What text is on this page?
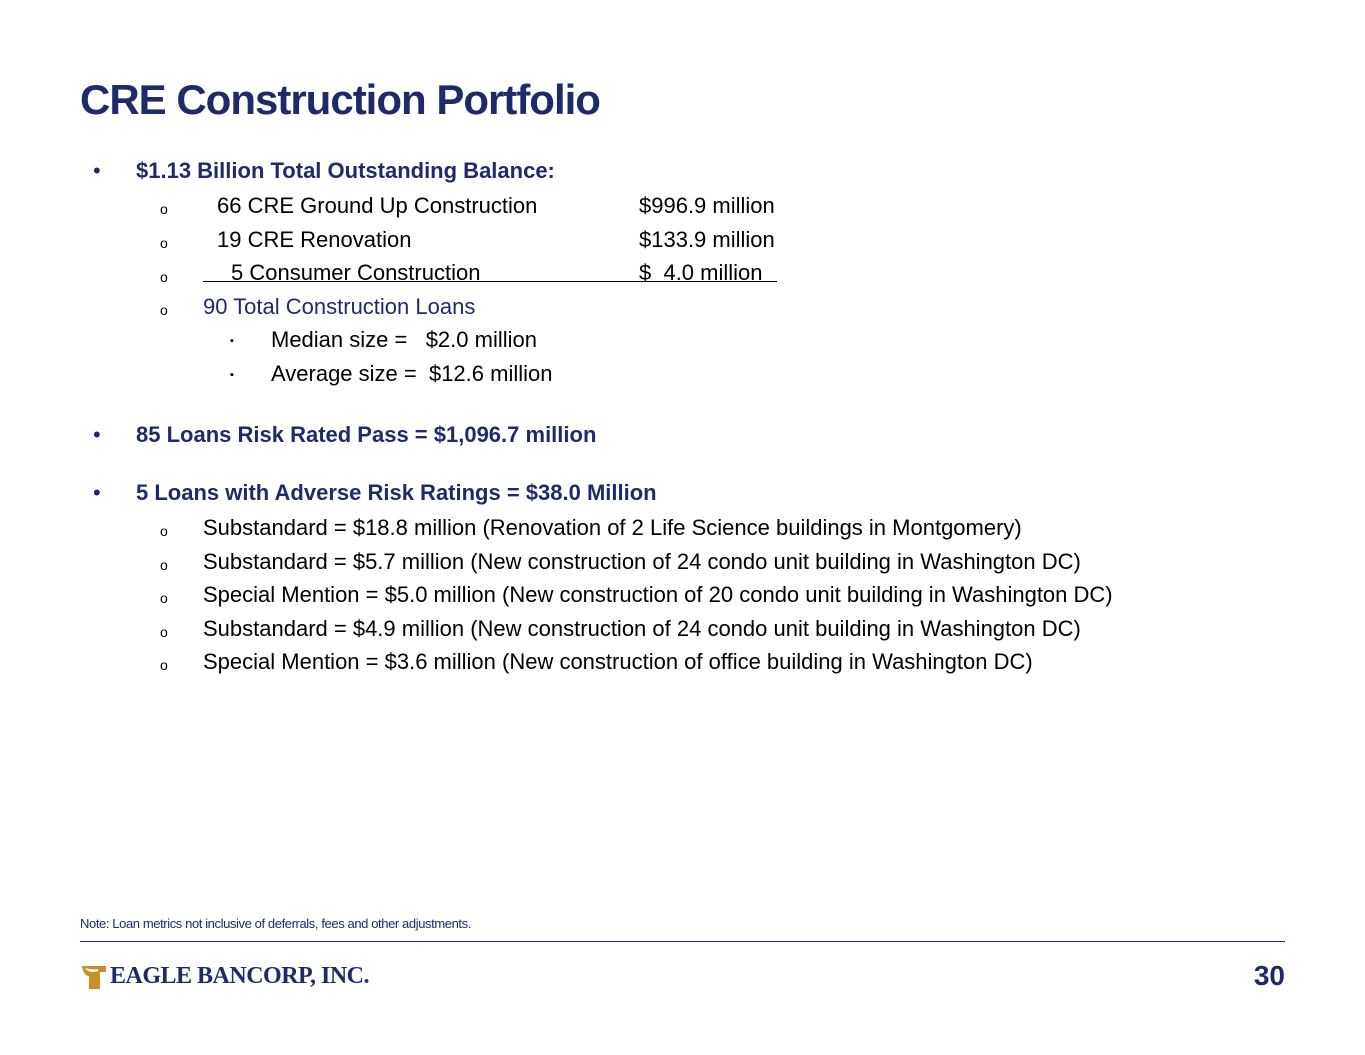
CRE Construction Portfolio
• $1.13 Billion Total Outstanding Balance:
o 66 CRE Ground Up Construction	$996.9 million
o 19 CRE Renovation	$133.9 million
o	5 Consumer Construction	$  4.0 million
o 90 Total Construction Loans
▪ Median size =   $2.0 million
▪ Average size =  $12.6 million
• 85 Loans Risk Rated Pass = $1,096.7 million
• 5 Loans with Adverse Risk Ratings = $38.0 Million
o Substandard = $18.8 million (Renovation of 2 Life Science buildings in Montgomery)
o Substandard = $5.7 million (New construction of 24 condo unit building in Washington DC)
o Special Mention = $5.0 million (New construction of 20 condo unit building in Washington DC)
o Substandard = $4.9 million (New construction of 24 condo unit building in Washington DC)
o Special Mention = $3.6 million (New construction of office building in Washington DC)
Note: Loan metrics not inclusive of deferrals, fees and other adjustments.
EAGLE BANCORP, INC.	30
